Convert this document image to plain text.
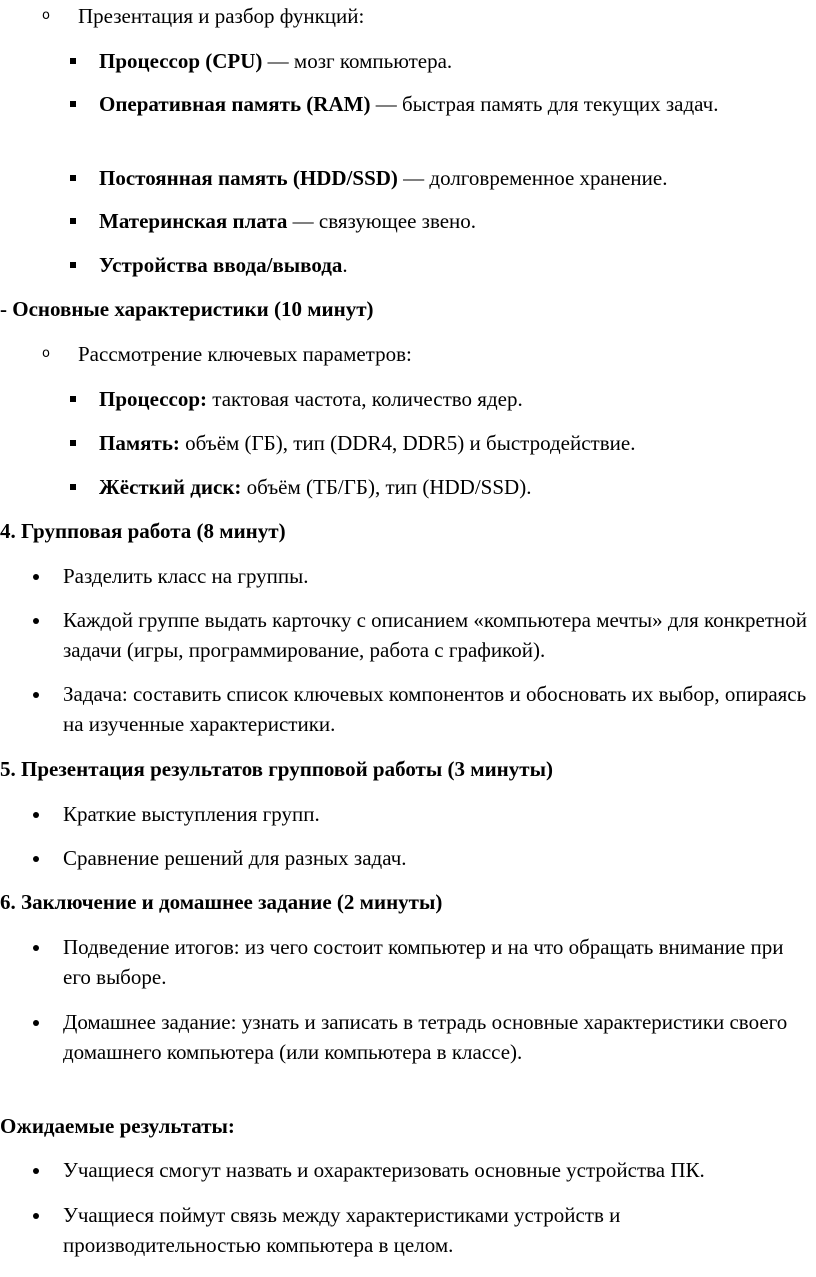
o Презентация и разбор функций:
Процессор (CPU) — мозг компьютера.
Оперативная память (RAM) — быстрая память для текущих задач.
Постоянная память (HDD/SSD) — долговременное хранение.
Материнская плата — связующее звено.
Устройства ввода/вывода.
- Основные характеристики (10 минут)
o Рассмотрение ключевых параметров:
Процессор: тактовая частота, количество ядер.
Память: объём (ГБ), тип (DDR4, DDR5) и быстродействие.
Жёсткий диск: объём (ТБ/ГБ), тип (HDD/SSD).
4. Групповая работа (8 минут)
Разделить класс на группы.
Каждой группе выдать карточку с описанием «компьютера мечты» для конкретной задачи (игры, программирование, работа с графикой).
Задача: составить список ключевых компонентов и обосновать их выбор, опираясь на изученные характеристики.
5. Презентация результатов групповой работы (3 минуты)
Краткие выступления групп.
Сравнение решений для разных задач.
6. Заключение и домашнее задание (2 минуты)
Подведение итогов: из чего состоит компьютер и на что обращать внимание при его выборе.
Домашнее задание: узнать и записать в тетрадь основные характеристики своего домашнего компьютера (или компьютера в классе).
Ожидаемые результаты:
Учащиеся смогут назвать и охарактеризовать основные устройства ПК.
Учащиеся поймут связь между характеристиками устройств и производительностью компьютера в целом.
